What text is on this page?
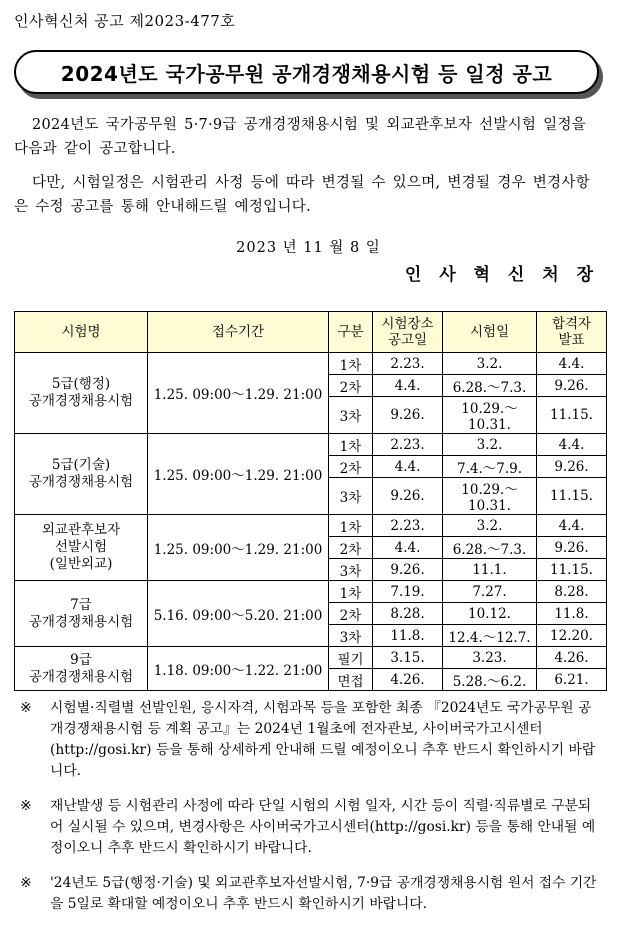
인사혁신처 공고 제2023-477호
2024년도 국가공무원 공개경쟁채용시험 등 일정 공고
2024년도 국가공무원 5·7·9급 공개경쟁채용시험 및 외교관후보자 선발시험 일정을 다음과 같이 공고합니다.
다만, 시험일정은 시험관리 사정 등에 따라 변경될 수 있으며, 변경될 경우 변경사항은 수정 공고를 통해 안내해드릴 예정입니다.
2023 년 11 월 8 일
인 사 혁 신 처 장
시험명	접수기간	구분	시험장소 공고일	시험일	합격자 발표

5급(행정)
공개경쟁채용시험	1.25. 09:00～1.29. 21:00	1차	2.23.	3.2.	4.4.
		2차	4.4.	6.28.～7.3.	9.26.
		3차	9.26.	10.29.～10.31.	11.15.

5급(기술)
공개경쟁채용시험	1.25. 09:00～1.29. 21:00	1차	2.23.	3.2.	4.4.
		2차	4.4.	7.4.～7.9.	9.26.
		3차	9.26.	10.29.～10.31.	11.15.

외교관후보자
선발시험
(일반외교)	1.25. 09:00～1.29. 21:00	1차	2.23.	3.2.	4.4.
		2차	4.4.	6.28.～7.3.	9.26.
		3차	9.26.	11.1.	11.15.

7급
공개경쟁채용시험	5.16. 09:00～5.20. 21:00	1차	7.19.	7.27.	8.28.
		2차	8.28.	10.12.	11.8.
		3차	11.8.	12.4.～12.7.	12.20.

9급
공개경쟁채용시험	1.18. 09:00～1.22. 21:00	필기	3.15.	3.23.	4.26.
		면접	4.26.	5.28.～6.2.	6.21.
※	시험별·직렬별 선발인원, 응시자격, 시험과목 등을 포함한 최종 『2024년도 국가공무원 공개경쟁채용시험 등 계획 공고』는 2024년 1월초에 전자관보, 사이버국가고시센터(http://gosi.kr) 등을 통해 상세하게 안내해 드릴 예정이오니 추후 반드시 확인하시기 바랍니다.
※	재난발생 등 시험관리 사정에 따라 단일 시험의 시험 일자, 시간 등이 직렬·직류별로 구분되어 실시될 수 있으며, 변경사항은 사이버국가고시센터(http://gosi.kr) 등을 통해 안내될 예정이오니 추후 반드시 확인하시기 바랍니다.
※	'24년도 5급(행정·기술) 및 외교관후보자선발시험, 7·9급 공개경쟁채용시험 원서 접수 기간을 5일로 확대할 예정이오니 추후 반드시 확인하시기 바랍니다.
